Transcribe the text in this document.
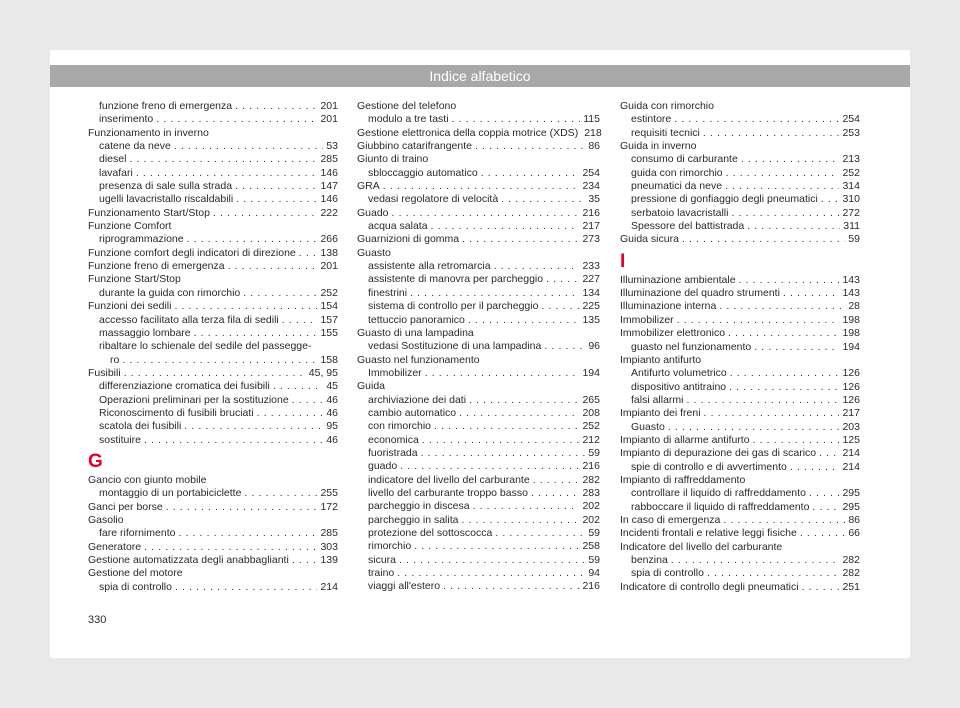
Indice alfabetico
funzione freno di emergenza . . .	201
inserimento . . .	201
Funzionamento in inverno
catene da neve . . .	53
diesel . . .	285
lavafari . . .	146
presenza di sale sulla strada . . .	147
ugelli lavacristallo riscaldabili . . .	146
Funzionamento Start/Stop . . .	222
Funzione Comfort
riprogrammazione . . .	266
Funzione comfort degli indicatori di direzione . . . 138
Funzione freno di emergenza . . .	201
Funzione Start/Stop
durante la guida con rimorchio . . .	252
Funzioni dei sedili . . .	154
accesso facilitato alla terza fila di sedili . . .	157
massaggio lombare . . .	155
ribaltare lo schienale del sedile del passegge-
ro . . .	158
Fusibili . . .	45, 95
differenziazione cromatica dei fusibili . . .	45
Operazioni preliminari per la sostituzione . . .	46
Riconoscimento di fusibili bruciati . . .	46
scatola dei fusibili . . .	95
sostituire . . .	46
G
Gancio con giunto mobile
montaggio di un portabiciclette . . .	255
Ganci per borse . . .	172
Gasolio
fare rifornimento . . .	285
Generatore . . .	303
Gestione automatizzata degli anabbaglianti . . .	139
Gestione del motore
spia di controllo . . .	214
Gestione del telefono
modulo a tre tasti . . .	115
Gestione elettronica della coppia motrice (XDS) 218
Giubbino catarifrangente . . .	86
Giunto di traino
sbloccaggio automatico . . .	254
GRA . . .	234
vedasi regolatore di velocità . . .	35
Guado . . .	216
acqua salata . . .	217
Guarnizioni di gomma . . .	273
Guasto
assistente alla retromarcia . . .	233
assistente di manovra per parcheggio . . .	227
finestrini . . .	134
sistema di controllo per il parcheggio . . .	225
tettuccio panoramico . . .	135
Guasto di una lampadina
vedasi Sostituzione di una lampadina . . .	96
Guasto nel funzionamento
Immobilizer . . .	194
Guida
archiviazione dei dati . . .	265
cambio automatico . . .	208
con rimorchio . . .	252
economica . . .	212
fuoristrada . . .	59
guado . . .	216
indicatore del livello del carburante . . .	282
livello del carburante troppo basso . . .	283
parcheggio in discesa . . .	202
parcheggio in salita . . .	202
protezione del sottoscocca . . .	59
rimorchio . . .	258
sicura . . .	59
traino . . .	94
viaggi all'estero . . .	216
Guida con rimorchio
estintore . . .	254
requisiti tecnici . . .	253
Guida in inverno
consumo di carburante . . .	213
guida con rimorchio . . .	252
pneumatici da neve . . .	314
pressione di gonfiaggio degli pneumatici . . . 310
serbatoio lavacristalli . . .	272
Spessore del battistrada . . .	311
Guida sicura . . .	59
I
Illuminazione ambientale . . .	143
Illuminazione del quadro strumenti . . .	143
Illuminazione interna . . .	28
Immobilizer . . .	198
Immobilizer elettronico . . .	198
guasto nel funzionamento . . .	194
Impianto antifurto
Antifurto volumetrico . . .	126
dispositivo antitraino . . .	126
falsi allarmi . . .	126
Impianto dei freni . . .	217
Guasto . . .	203
Impianto di allarme antifurto . . .	125
Impianto di depurazione dei gas di scarico . . .	214
spie di controllo e di avvertimento . . .	214
Impianto di raffreddamento
controllare il liquido di raffreddamento . . .	295
rabboccare il liquido di raffreddamento . . .	295
In caso di emergenza . . .	86
Incidenti frontali e relative leggi fisiche . . .	66
Indicatore del livello del carburante
benzina . . .	282
spia di controllo . . .	282
Indicatore di controllo degli pneumatici . . .	251
330
